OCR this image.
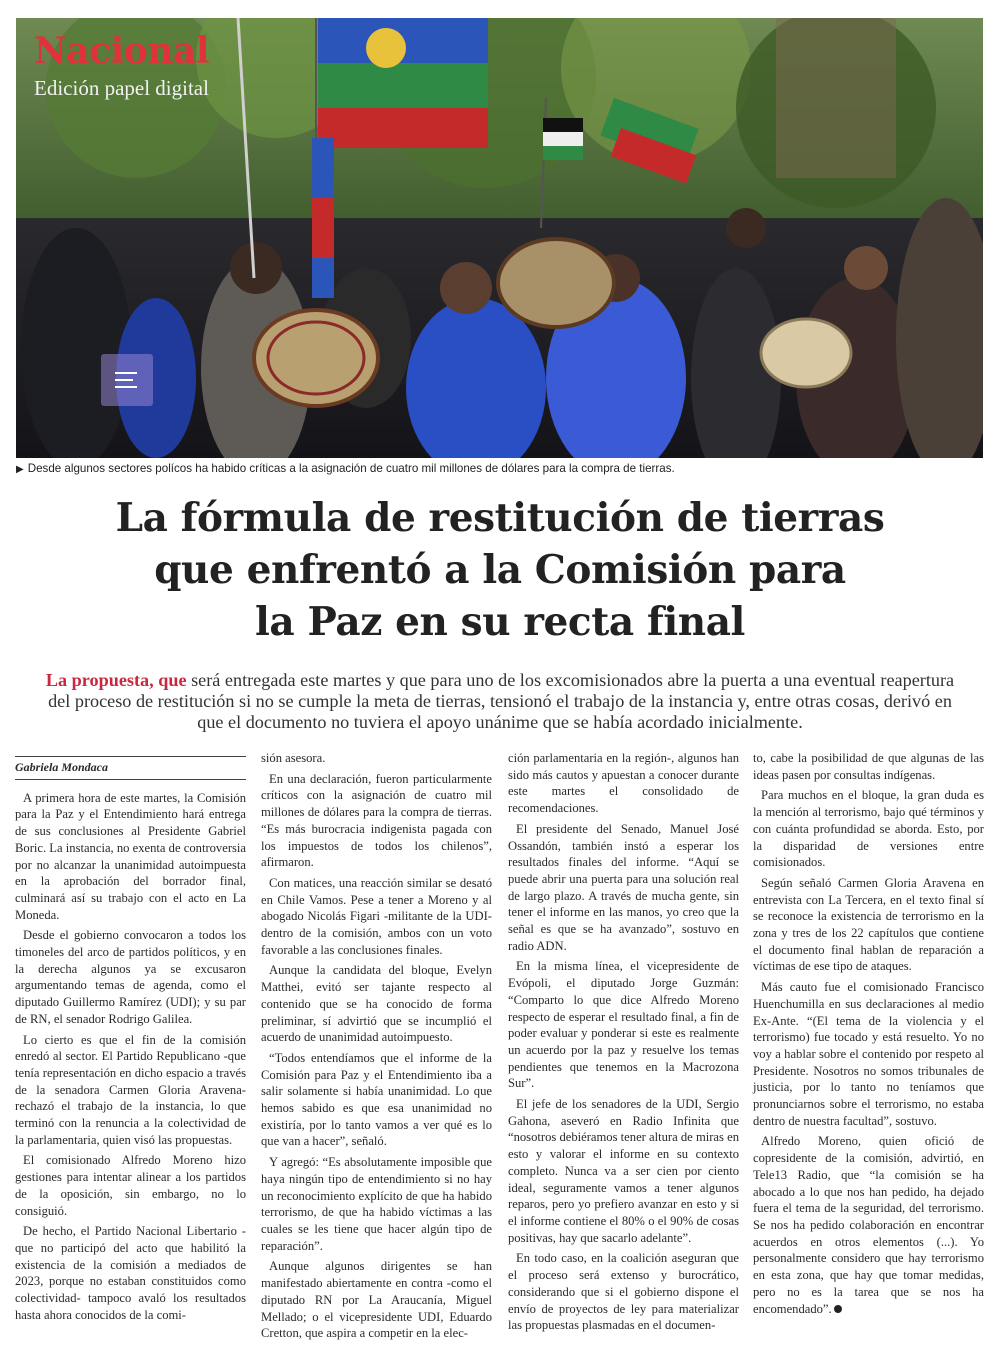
Nacional
Edición papel digital
▶ Desde algunos sectores polícos ha habido críticas a la asignación de cuatro mil millones de dólares para la compra de tierras.
La fórmula de restitución de tierras
que enfrentó a la Comisión para
la Paz en su recta final
La propuesta, que será entregada este martes y que para uno de los excomisionados abre la puerta a una eventual reapertura del proceso de restitución si no se cumple la meta de tierras, tensionó el trabajo de la instancia y, entre otras cosas, derivó en que el documento no tuviera el apoyo unánime que se había acordado inicialmente.
Gabriela Mondaca

A primera hora de este martes, la Comisión para la Paz y el Entendimiento hará entrega de sus conclusiones al Presidente Gabriel Boric. La instancia, no exenta de controversia por no alcanzar la unanimidad autoimpuesta en la aprobación del borrador final, culminará así su trabajo con el acto en La Moneda.

Desde el gobierno convocaron a todos los timoneles del arco de partidos políticos, y en la derecha algunos ya se excusaron argumentando temas de agenda, como el diputado Guillermo Ramírez (UDI); y su par de RN, el senador Rodrigo Galilea.

Lo cierto es que el fin de la comisión enredó al sector. El Partido Republicano -que tenía representación en dicho espacio a través de la senadora Carmen Gloria Aravena- rechazó el trabajo de la instancia, lo que terminó con la renuncia a la colectividad de la parlamentaria, quien visó las propuestas.

El comisionado Alfredo Moreno hizo gestiones para intentar alinear a los partidos de la oposición, sin embargo, no lo consiguió.

De hecho, el Partido Nacional Libertario -que no participó del acto que habilitó la existencia de la comisión a mediados de 2023, porque no estaban constituidos como colectividad- tampoco avaló los resultados hasta ahora conocidos de la comi-

sión asesora.

En una declaración, fueron particularmente críticos con la asignación de cuatro mil millones de dólares para la compra de tierras. “Es más burocracia indigenista pagada con los impuestos de todos los chilenos”, afirmaron.

Con matices, una reacción similar se desató en Chile Vamos. Pese a tener a Moreno y al abogado Nicolás Figari -militante de la UDI- dentro de la comisión, ambos con un voto favorable a las conclusiones finales.

Aunque la candidata del bloque, Evelyn Matthei, evitó ser tajante respecto al contenido que se ha conocido de forma preliminar, sí advirtió que se incumplió el acuerdo de unanimidad autoimpuesto.

“Todos entendíamos que el informe de la Comisión para Paz y el Entendimiento iba a salir solamente si había unanimidad. Lo que hemos sabido es que esa unanimidad no existiría, por lo tanto vamos a ver qué es lo que van a hacer”, señaló.

Y agregó: “Es absolutamente imposible que haya ningún tipo de entendimiento si no hay un reconocimiento explícito de que ha habido terrorismo, de que ha habido víctimas a las cuales se les tiene que hacer algún tipo de reparación”.

Aunque algunos dirigentes se han manifestado abiertamente en contra -como el diputado RN por La Araucanía, Miguel Mellado; o el vicepresidente UDI, Eduardo Cretton, que aspira a competir en la elec-

ción parlamentaria en la región-, algunos han sido más cautos y apuestan a conocer durante este martes el consolidado de recomendaciones.

El presidente del Senado, Manuel José Ossandón, también instó a esperar los resultados finales del informe. “Aquí se puede abrir una puerta para una solución real de largo plazo. A través de mucha gente, sin tener el informe en las manos, yo creo que la señal es que se ha avanzado”, sostuvo en radio ADN.

En la misma línea, el vicepresidente de Evópoli, el diputado Jorge Guzmán: “Comparto lo que dice Alfredo Moreno respecto de esperar el resultado final, a fin de poder evaluar y ponderar si este es realmente un acuerdo por la paz y resuelve los temas pendientes que tenemos en la Macrozona Sur”.

El jefe de los senadores de la UDI, Sergio Gahona, aseveró en Radio Infinita que “nosotros debiéramos tener altura de miras en esto y valorar el informe en su contexto completo. Nunca va a ser cien por ciento ideal, seguramente vamos a tener algunos reparos, pero yo prefiero avanzar en esto y si el informe contiene el 80% o el 90% de cosas positivas, hay que sacarlo adelante”.

En todo caso, en la coalición aseguran que el proceso será extenso y burocrático, considerando que si el gobierno dispone el envío de proyectos de ley para materializar las propuestas plasmadas en el documen-

to, cabe la posibilidad de que algunas de las ideas pasen por consultas indígenas.

Para muchos en el bloque, la gran duda es la mención al terrorismo, bajo qué términos y con cuánta profundidad se aborda. Esto, por la disparidad de versiones entre comisionados.

Según señaló Carmen Gloria Aravena en entrevista con La Tercera, en el texto final sí se reconoce la existencia de terrorismo en la zona y tres de los 22 capítulos que contiene el documento final hablan de reparación a víctimas de ese tipo de ataques.

Más cauto fue el comisionado Francisco Huenchumilla en sus declaraciones al medio Ex-Ante. “(El tema de la violencia y el terrorismo) fue tocado y está resuelto. Yo no voy a hablar sobre el contenido por respeto al Presidente. Nosotros no somos tribunales de justicia, por lo tanto no teníamos que pronunciarnos sobre el terrorismo, no estaba dentro de nuestra facultad”, sostuvo.

Alfredo Moreno, quien ofició de copresidente de la comisión, advirtió, en Tele13 Radio, que “la comisión se ha abocado a lo que nos han pedido, ha dejado fuera el tema de la seguridad, del terrorismo. Se nos ha pedido colaboración en encontrar acuerdos en otros elementos (...). Yo personalmente considero que hay terrorismo en esta zona, que hay que tomar medidas, pero no es la tarea que se nos ha encomendado”.
